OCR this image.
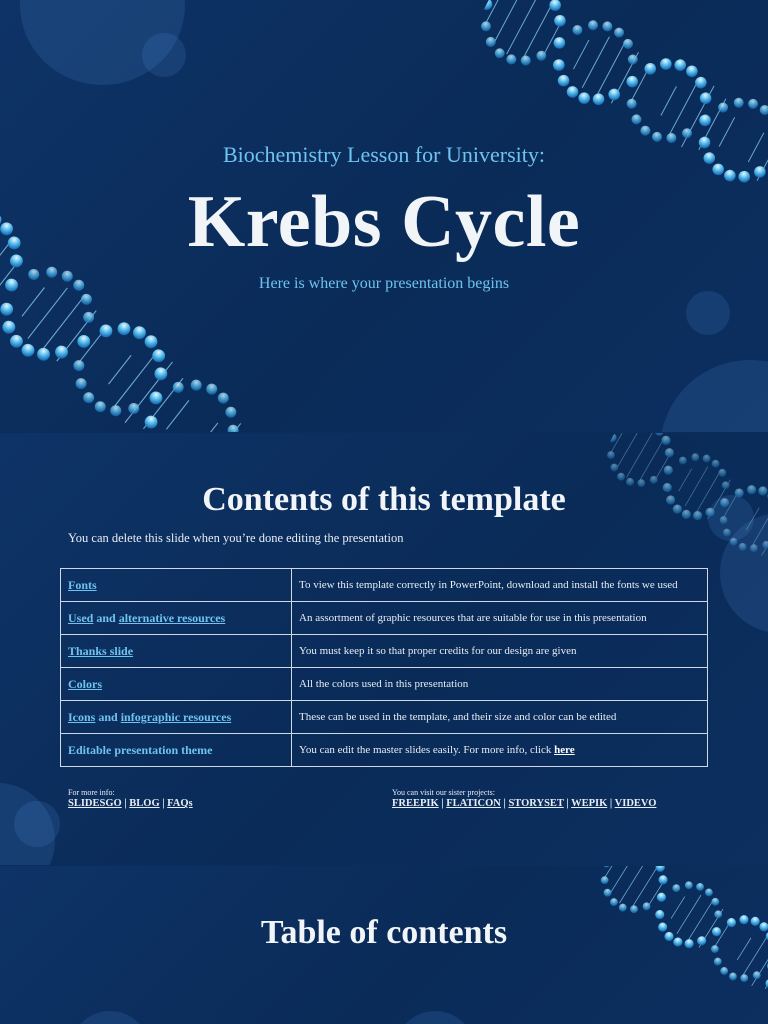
Biochemistry Lesson for University:
Krebs Cycle
Here is where your presentation begins
Contents of this template
You can delete this slide when you’re done editing the presentation
Fonts	To view this template correctly in PowerPoint, download and install the fonts we used
Used and alternative resources	An assortment of graphic resources that are suitable for use in this presentation
Thanks slide	You must keep it so that proper credits for our design are given
Colors	All the colors used in this presentation
Icons and infographic resources	These can be used in the template, and their size and color can be edited
Editable presentation theme	You can edit the master slides easily. For more info, click here
For more info:
SLIDESGO | BLOG | FAQs
You can visit our sister projects:
FREEPIK | FLATICON | STORYSET | WEPIK | VIDEVO
Table of contents
